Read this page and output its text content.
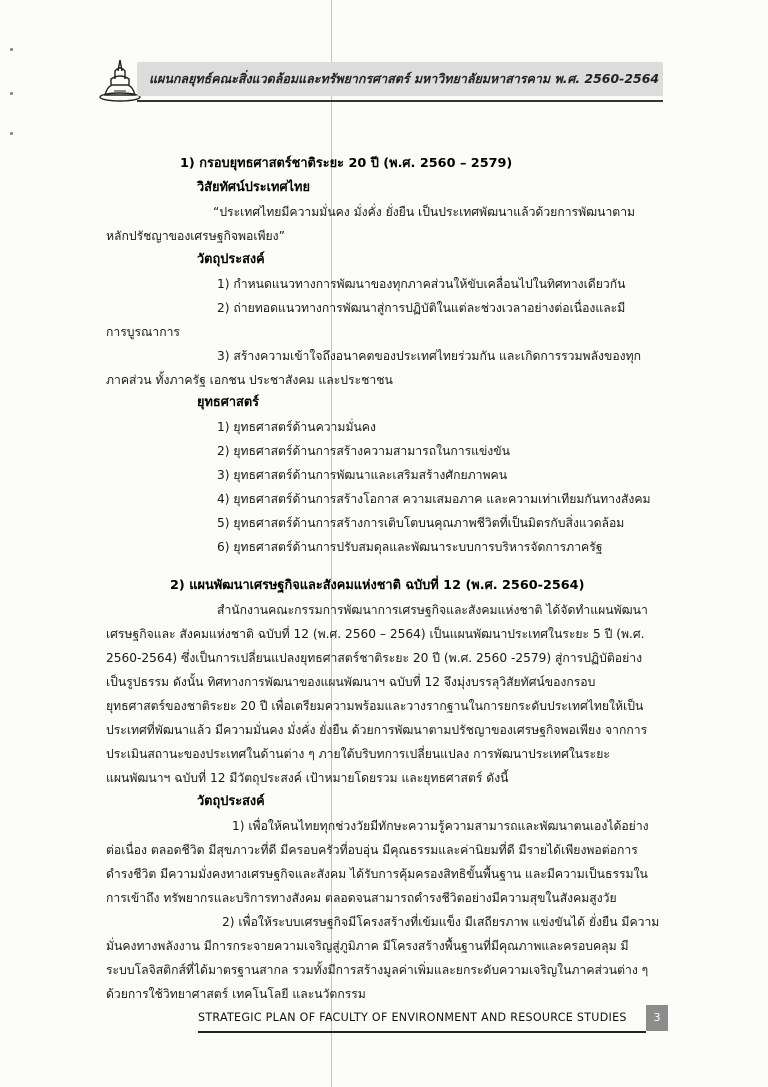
แผนกลยุทธ์คณะสิ่งแวดล้อมและทรัพยากรศาสตร์ มหาวิทยาลัยมหาสารคาม พ.ศ. 2560-2564
1) กรอบยุทธศาสตร์ชาติระยะ 20 ปี (พ.ศ. 2560 – 2579)
วิสัยทัศน์ประเทศไทย
“ประเทศไทยมีความมั่นคง มั่งคั่ง ยั่งยืน เป็นประเทศพัฒนาแล้วด้วยการพัฒนาตาม
หลักปรัชญาของเศรษฐกิจพอเพียง”
วัตถุประสงค์
1) กำหนดแนวทางการพัฒนาของทุกภาคส่วนให้ขับเคลื่อนไปในทิศทางเดียวกัน
2) ถ่ายทอดแนวทางการพัฒนาสู่การปฏิบัติในแต่ละช่วงเวลาอย่างต่อเนื่องและมี
การบูรณาการ
3) สร้างความเข้าใจถึงอนาคตของประเทศไทยร่วมกัน และเกิดการรวมพลังของทุก
ภาคส่วน ทั้งภาครัฐ เอกชน ประชาสังคม และประชาชน
ยุทธศาสตร์
1) ยุทธศาสตร์ด้านความมั่นคง
2) ยุทธศาสตร์ด้านการสร้างความสามารถในการแข่งขัน
3) ยุทธศาสตร์ด้านการพัฒนาและเสริมสร้างศักยภาพคน
4) ยุทธศาสตร์ด้านการสร้างโอกาส ความเสมอภาค และความเท่าเทียมกันทางสังคม
5) ยุทธศาสตร์ด้านการสร้างการเติบโตบนคุณภาพชีวิตที่เป็นมิตรกับสิ่งแวดล้อม
6) ยุทธศาสตร์ด้านการปรับสมดุลและพัฒนาระบบการบริหารจัดการภาครัฐ
2) แผนพัฒนาเศรษฐกิจและสังคมแห่งชาติ ฉบับที่ 12 (พ.ศ. 2560-2564)
สำนักงานคณะกรรมการพัฒนาการเศรษฐกิจและสังคมแห่งชาติ ได้จัดทำแผนพัฒนา
เศรษฐกิจและ สังคมแห่งชาติ ฉบับที่ 12 (พ.ศ. 2560 – 2564) เป็นแผนพัฒนาประเทศในระยะ 5 ปี (พ.ศ.
2560-2564) ซึ่งเป็นการเปลี่ยนแปลงยุทธศาสตร์ชาติระยะ 20 ปี (พ.ศ. 2560 -2579) สู่การปฏิบัติอย่าง
เป็นรูปธรรม ดังนั้น ทิศทางการพัฒนาของแผนพัฒนาฯ ฉบับที่ 12 จึงมุ่งบรรลุวิสัยทัศน์ของกรอบ
ยุทธศาสตร์ของชาติระยะ 20 ปี เพื่อเตรียมความพร้อมและวางรากฐานในการยกระดับประเทศไทยให้เป็น
ประเทศที่พัฒนาแล้ว มีความมั่นคง มั่งคั่ง ยั่งยืน ด้วยการพัฒนาตามปรัชญาของเศรษฐกิจพอเพียง จากการ
ประเมินสถานะของประเทศในด้านต่าง ๆ ภายใต้บริบทการเปลี่ยนแปลง การพัฒนาประเทศในระยะ
แผนพัฒนาฯ ฉบับที่ 12 มีวัตถุประสงค์ เป้าหมายโดยรวม และยุทธศาสตร์ ดังนี้
วัตถุประสงค์
1) เพื่อให้คนไทยทุกช่วงวัยมีทักษะความรู้ความสามารถและพัฒนาตนเองได้อย่าง
ต่อเนื่อง ตลอดชีวิต มีสุขภาวะที่ดี มีครอบครัวที่อบอุ่น มีคุณธรรมและค่านิยมที่ดี มีรายได้เพียงพอต่อการ
ดำรงชีวิต มีความมั่งคงทางเศรษฐกิจและสังคม ได้รับการคุ้มครองสิทธิขั้นพื้นฐาน และมีความเป็นธรรมใน
การเข้าถึง ทรัพยากรและบริการทางสังคม ตลอดจนสามารถดำรงชีวิตอย่างมีความสุขในสังคมสูงวัย
2) เพื่อให้ระบบเศรษฐกิจมีโครงสร้างที่เข้มแข็ง มีเสถียรภาพ แข่งขันได้ ยั่งยืน มีความ
มั่นคงทางพลังงาน มีการกระจายความเจริญสู่ภูมิภาค มีโครงสร้างพื้นฐานที่มีคุณภาพและครอบคลุม มี
ระบบโลจิสติกส์ที่ได้มาตรฐานสากล รวมทั้งมีการสร้างมูลค่าเพิ่มและยกระดับความเจริญในภาคส่วนต่าง ๆ
ด้วยการใช้วิทยาศาสตร์ เทคโนโลยี และนวัตกรรม
STRATEGIC PLAN OF FACULTY OF ENVIRONMENT AND RESOURCE STUDIES	3
